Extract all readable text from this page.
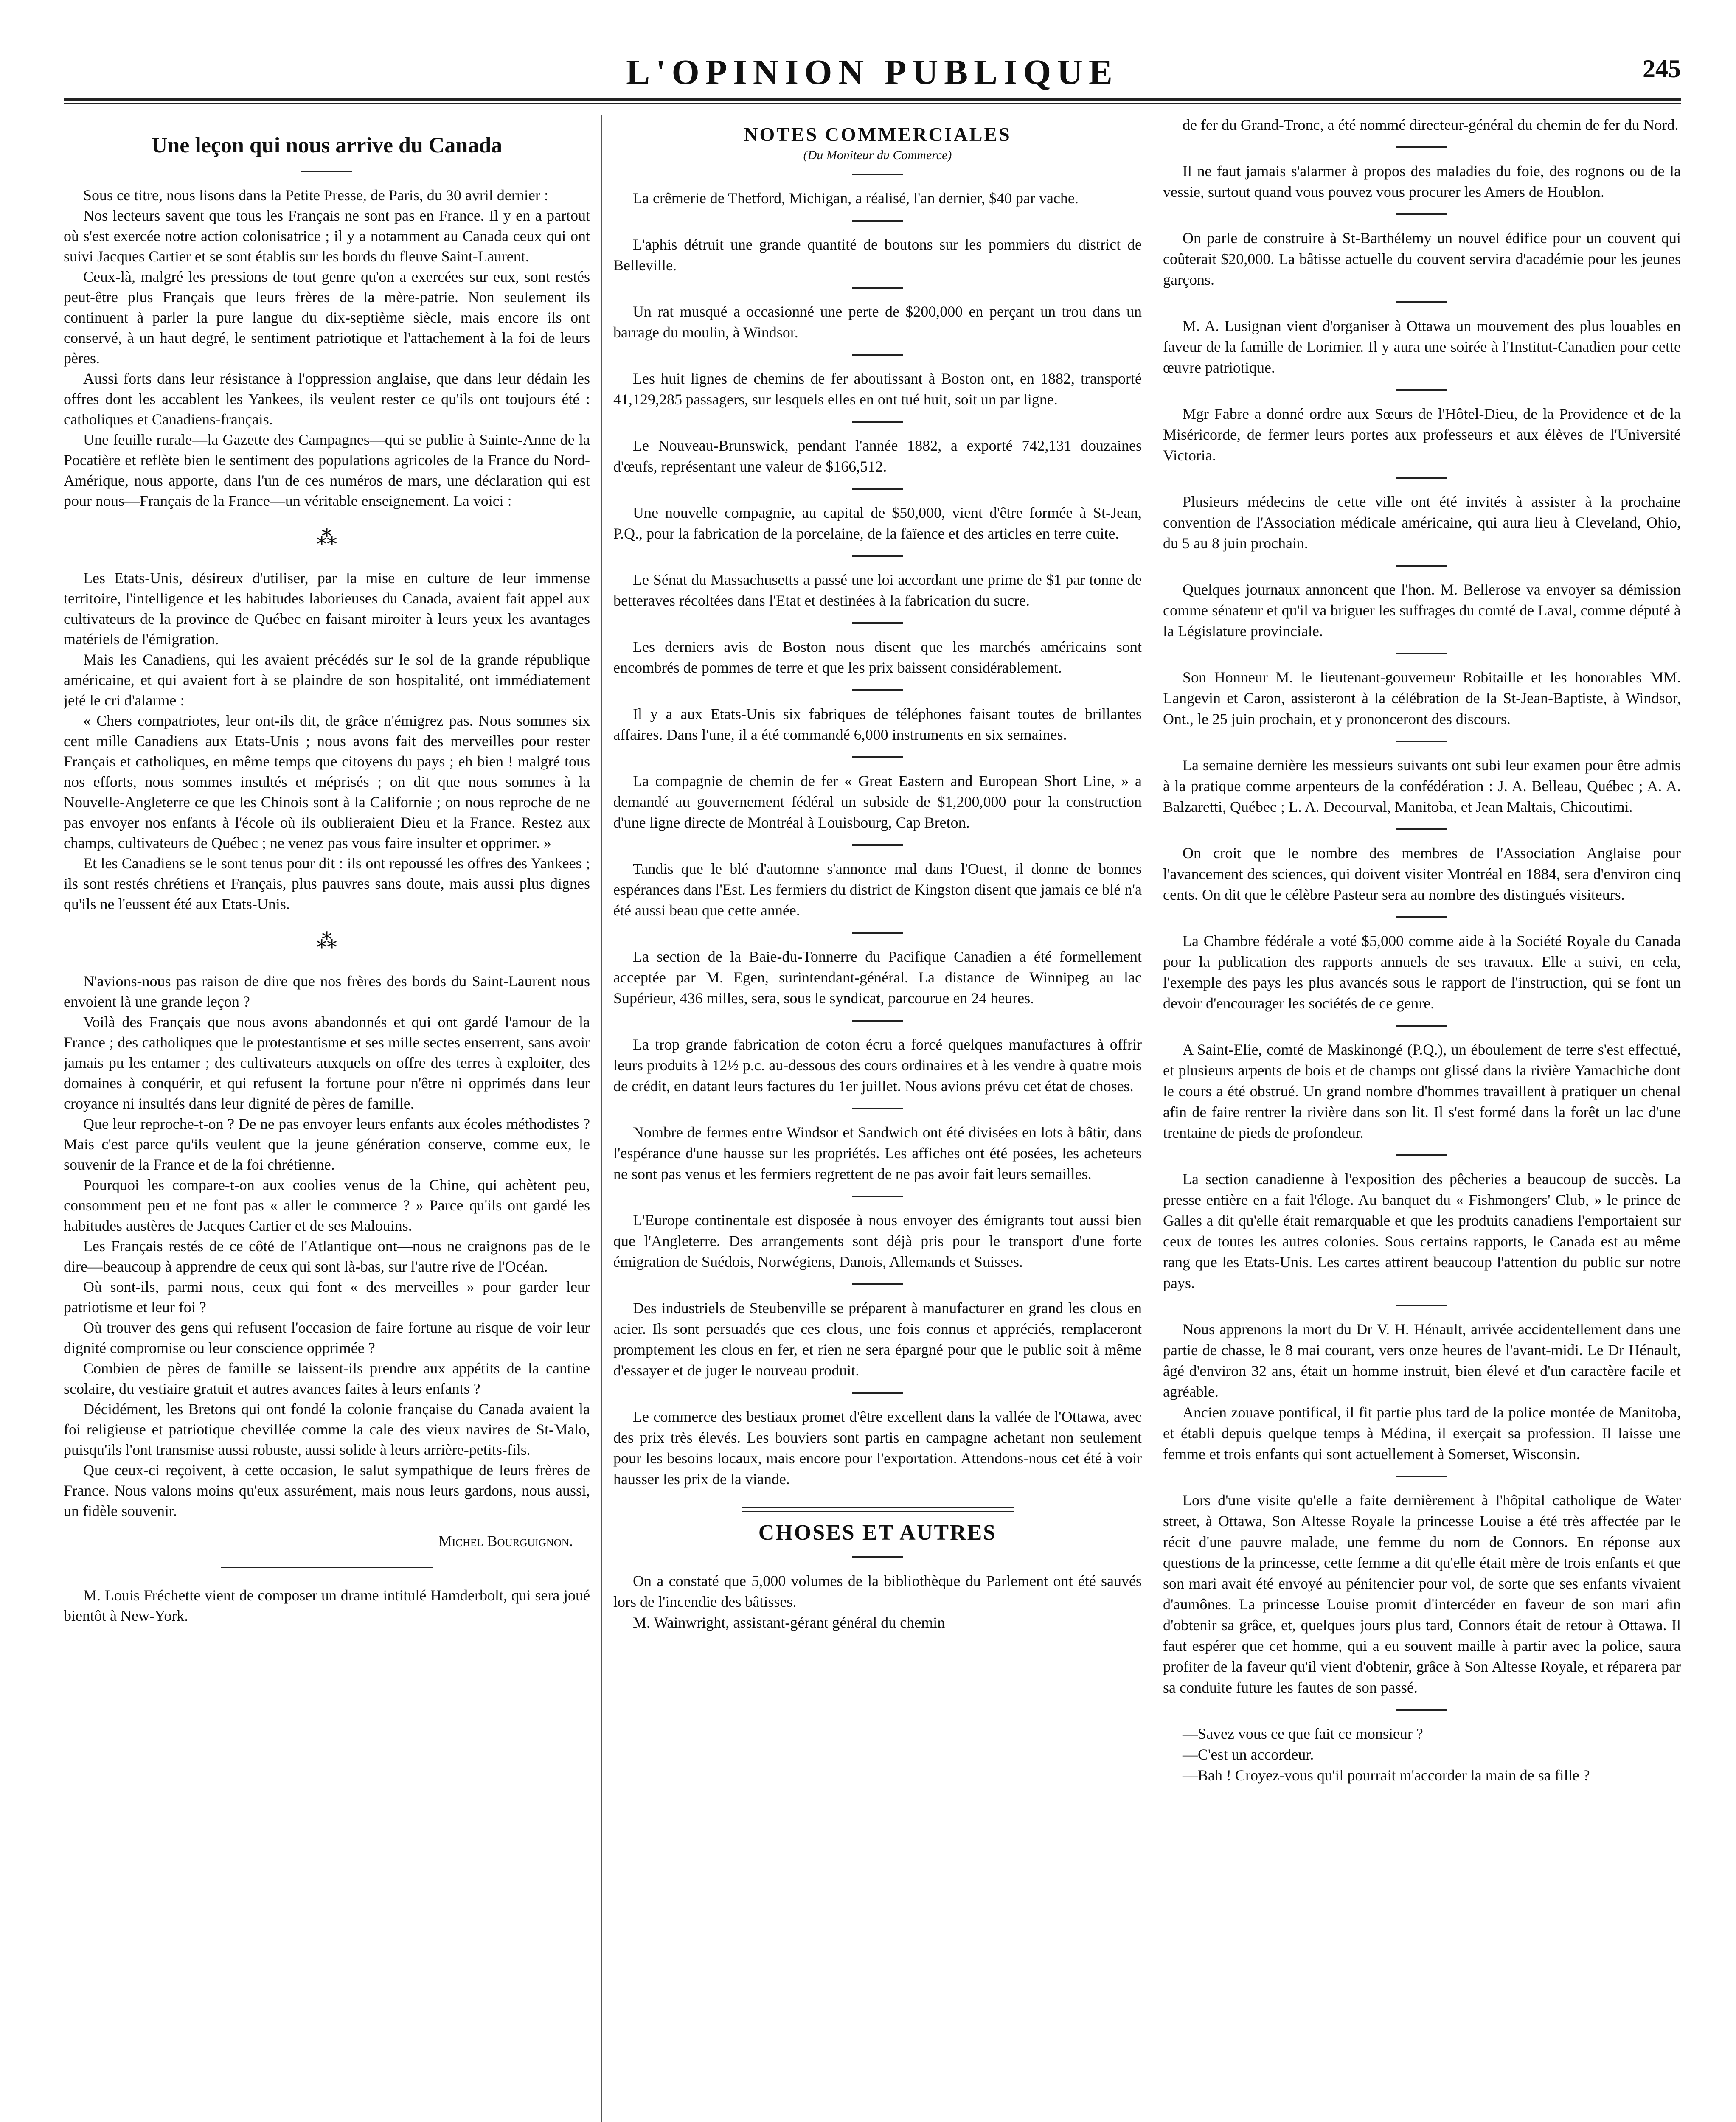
L'OPINION PUBLIQUE	245
Une leçon qui nous arrive du Canada

Sous ce titre, nous lisons dans la Petite Presse, de Paris, du 30 avril dernier :

Nos lecteurs savent que tous les Français ne sont pas en France. Il y en a partout où s'est exercée notre action colonisatrice ; il y a notamment au Canada ceux qui ont suivi Jacques Cartier et se sont établis sur les bords du fleuve Saint-Laurent.

Ceux-là, malgré les pressions de tout genre qu'on a exercées sur eux, sont restés peut-être plus Français que leurs frères de la mère-patrie. Non seulement ils continuent à parler la pure langue du dix-septième siècle, mais encore ils ont conservé, à un haut degré, le sentiment patriotique et l'attachement à la foi de leurs pères.

Aussi forts dans leur résistance à l'oppression anglaise, que dans leur dédain les offres dont les accablent les Yankees, ils veulent rester ce qu'ils ont toujours été : catholiques et Canadiens-français.

Une feuille rurale—la Gazette des Campagnes—qui se publie à Sainte-Anne de la Pocatière et reflète bien le sentiment des populations agricoles de la France du Nord-Amérique, nous apporte, dans l'un de ces numéros de mars, une déclaration qui est pour nous—Français de la France—un véritable enseignement. La voici :

⁂

Les Etats-Unis, désireux d'utiliser, par la mise en culture de leur immense territoire, l'intelligence et les habitudes laborieuses du Canada, avaient fait appel aux cultivateurs de la province de Québec en faisant miroiter à leurs yeux les avantages matériels de l'émigration.

Mais les Canadiens, qui les avaient précédés sur le sol de la grande république américaine, et qui avaient fort à se plaindre de son hospitalité, ont immédiatement jeté le cri d'alarme :

« Chers compatriotes, leur ont-ils dit, de grâce n'émigrez pas. Nous sommes six cent mille Canadiens aux Etats-Unis ; nous avons fait des merveilles pour rester Français et catholiques, en même temps que citoyens du pays ; eh bien ! malgré tous nos efforts, nous sommes insultés et méprisés ; on dit que nous sommes à la Nouvelle-Angleterre ce que les Chinois sont à la Californie ; on nous reproche de ne pas envoyer nos enfants à l'école où ils oublieraient Dieu et la France. Restez aux champs, cultivateurs de Québec ; ne venez pas vous faire insulter et opprimer. »

Et les Canadiens se le sont tenus pour dit : ils ont repoussé les offres des Yankees ; ils sont restés chrétiens et Français, plus pauvres sans doute, mais aussi plus dignes qu'ils ne l'eussent été aux Etats-Unis.

⁂

N'avions-nous pas raison de dire que nos frères des bords du Saint-Laurent nous envoient là une grande leçon ?

Voilà des Français que nous avons abandonnés et qui ont gardé l'amour de la France ; des catholiques que le protestantisme et ses mille sectes enserrent, sans avoir jamais pu les entamer ; des cultivateurs auxquels on offre des terres à exploiter, des domaines à conquérir, et qui refusent la fortune pour n'être ni opprimés dans leur croyance ni insultés dans leur dignité de pères de famille.

Que leur reproche-t-on ? De ne pas envoyer leurs enfants aux écoles méthodistes ? Mais c'est parce qu'ils veulent que la jeune génération conserve, comme eux, le souvenir de la France et de la foi chrétienne.

Pourquoi les compare-t-on aux coolies venus de la Chine, qui achètent peu, consomment peu et ne font pas « aller le commerce ? » Parce qu'ils ont gardé les habitudes austères de Jacques Cartier et de ses Malouins.

Les Français restés de ce côté de l'Atlantique ont—nous ne craignons pas de le dire—beaucoup à apprendre de ceux qui sont là-bas, sur l'autre rive de l'Océan.

Où sont-ils, parmi nous, ceux qui font « des merveilles » pour garder leur patriotisme et leur foi ?

Où trouver des gens qui refusent l'occasion de faire fortune au risque de voir leur dignité compromise ou leur conscience opprimée ?

Combien de pères de famille se laissent-ils prendre aux appétits de la cantine scolaire, du vestiaire gratuit et autres avances faites à leurs enfants ?

Décidément, les Bretons qui ont fondé la colonie française du Canada avaient la foi religieuse et patriotique chevillée comme la cale des vieux navires de St-Malo, puisqu'ils l'ont transmise aussi robuste, aussi solide à leurs arrière-petits-fils.

Que ceux-ci reçoivent, à cette occasion, le salut sympathique de leurs frères de France. Nous valons moins qu'eux assurément, mais nous leurs gardons, nous aussi, un fidèle souvenir.

Michel Bourguignon.

M. Louis Fréchette vient de composer un drame intitulé Hamderbolt, qui sera joué bientôt à New-York.

NOTES COMMERCIALES
(Du Moniteur du Commerce)

La crêmerie de Thetford, Michigan, a réalisé, l'an dernier, $40 par vache.

L'aphis détruit une grande quantité de boutons sur les pommiers du district de Belleville.

Un rat musqué a occasionné une perte de $200,000 en perçant un trou dans un barrage du moulin, à Windsor.

Les huit lignes de chemins de fer aboutissant à Boston ont, en 1882, transporté 41,129,285 passagers, sur lesquels elles en ont tué huit, soit un par ligne.

Le Nouveau-Brunswick, pendant l'année 1882, a exporté 742,131 douzaines d'œufs, représentant une valeur de $166,512.

Une nouvelle compagnie, au capital de $50,000, vient d'être formée à St-Jean, P.Q., pour la fabrication de la porcelaine, de la faïence et des articles en terre cuite.

Le Sénat du Massachusetts a passé une loi accordant une prime de $1 par tonne de betteraves récoltées dans l'Etat et destinées à la fabrication du sucre.

Les derniers avis de Boston nous disent que les marchés américains sont encombrés de pommes de terre et que les prix baissent considérablement.

Il y a aux Etats-Unis six fabriques de téléphones faisant toutes de brillantes affaires. Dans l'une, il a été commandé 6,000 instruments en six semaines.

La compagnie de chemin de fer « Great Eastern and European Short Line, » a demandé au gouvernement fédéral un subside de $1,200,000 pour la construction d'une ligne directe de Montréal à Louisbourg, Cap Breton.

Tandis que le blé d'automne s'annonce mal dans l'Ouest, il donne de bonnes espérances dans l'Est. Les fermiers du district de Kingston disent que jamais ce blé n'a été aussi beau que cette année.

La section de la Baie-du-Tonnerre du Pacifique Canadien a été formellement acceptée par M. Egen, surintendant-général. La distance de Winnipeg au lac Supérieur, 436 milles, sera, sous le syndicat, parcourue en 24 heures.

La trop grande fabrication de coton écru a forcé quelques manufactures à offrir leurs produits à 12½ p.c. au-dessous des cours ordinaires et à les vendre à quatre mois de crédit, en datant leurs factures du 1er juillet. Nous avions prévu cet état de choses.

Nombre de fermes entre Windsor et Sandwich ont été divisées en lots à bâtir, dans l'espérance d'une hausse sur les propriétés. Les affiches ont été posées, les acheteurs ne sont pas venus et les fermiers regrettent de ne pas avoir fait leurs semailles.

L'Europe continentale est disposée à nous envoyer des émigrants tout aussi bien que l'Angleterre. Des arrangements sont déjà pris pour le transport d'une forte émigration de Suédois, Norwégiens, Danois, Allemands et Suisses.

Des industriels de Steubenville se préparent à manufacturer en grand les clous en acier. Ils sont persuadés que ces clous, une fois connus et appréciés, remplaceront promptement les clous en fer, et rien ne sera épargné pour que le public soit à même d'essayer et de juger le nouveau produit.

Le commerce des bestiaux promet d'être excellent dans la vallée de l'Ottawa, avec des prix très élevés. Les bouviers sont partis en campagne achetant non seulement pour les besoins locaux, mais encore pour l'exportation. Attendons-nous cet été à voir hausser les prix de la viande.

CHOSES ET AUTRES

On a constaté que 5,000 volumes de la bibliothèque du Parlement ont été sauvés lors de l'incendie des bâtisses.

M. Wainwright, assistant-gérant général du chemin

de fer du Grand-Tronc, a été nommé directeur-général du chemin de fer du Nord.

Il ne faut jamais s'alarmer à propos des maladies du foie, des rognons ou de la vessie, surtout quand vous pouvez vous procurer les Amers de Houblon.

On parle de construire à St-Barthélemy un nouvel édifice pour un couvent qui coûterait $20,000. La bâtisse actuelle du couvent servira d'académie pour les jeunes garçons.

M. A. Lusignan vient d'organiser à Ottawa un mouvement des plus louables en faveur de la famille de Lorimier. Il y aura une soirée à l'Institut-Canadien pour cette œuvre patriotique.

Mgr Fabre a donné ordre aux Sœurs de l'Hôtel-Dieu, de la Providence et de la Miséricorde, de fermer leurs portes aux professeurs et aux élèves de l'Université Victoria.

Plusieurs médecins de cette ville ont été invités à assister à la prochaine convention de l'Association médicale américaine, qui aura lieu à Cleveland, Ohio, du 5 au 8 juin prochain.

Quelques journaux annoncent que l'hon. M. Bellerose va envoyer sa démission comme sénateur et qu'il va briguer les suffrages du comté de Laval, comme député à la Législature provinciale.

Son Honneur M. le lieutenant-gouverneur Robitaille et les honorables MM. Langevin et Caron, assisteront à la célébration de la St-Jean-Baptiste, à Windsor, Ont., le 25 juin prochain, et y prononceront des discours.

La semaine dernière les messieurs suivants ont subi leur examen pour être admis à la pratique comme arpenteurs de la confédération : J. A. Belleau, Québec ; A. A. Balzaretti, Québec ; L. A. Decourval, Manitoba, et Jean Maltais, Chicoutimi.

On croit que le nombre des membres de l'Association Anglaise pour l'avancement des sciences, qui doivent visiter Montréal en 1884, sera d'environ cinq cents. On dit que le célèbre Pasteur sera au nombre des distingués visiteurs.

La Chambre fédérale a voté $5,000 comme aide à la Société Royale du Canada pour la publication des rapports annuels de ses travaux. Elle a suivi, en cela, l'exemple des pays les plus avancés sous le rapport de l'instruction, qui se font un devoir d'encourager les sociétés de ce genre.

A Saint-Elie, comté de Maskinongé (P.Q.), un éboulement de terre s'est effectué, et plusieurs arpents de bois et de champs ont glissé dans la rivière Yamachiche dont le cours a été obstrué. Un grand nombre d'hommes travaillent à pratiquer un chenal afin de faire rentrer la rivière dans son lit. Il s'est formé dans la forêt un lac d'une trentaine de pieds de profondeur.

La section canadienne à l'exposition des pêcheries a beaucoup de succès. La presse entière en a fait l'éloge. Au banquet du « Fishmongers' Club, » le prince de Galles a dit qu'elle était remarquable et que les produits canadiens l'emportaient sur ceux de toutes les autres colonies. Sous certains rapports, le Canada est au même rang que les Etats-Unis. Les cartes attirent beaucoup l'attention du public sur notre pays.

Nous apprenons la mort du Dr V. H. Hénault, arrivée accidentellement dans une partie de chasse, le 8 mai courant, vers onze heures de l'avant-midi. Le Dr Hénault, âgé d'environ 32 ans, était un homme instruit, bien élevé et d'un caractère facile et agréable.

Ancien zouave pontifical, il fit partie plus tard de la police montée de Manitoba, et établi depuis quelque temps à Médina, il exerçait sa profession. Il laisse une femme et trois enfants qui sont actuellement à Somerset, Wisconsin.

Lors d'une visite qu'elle a faite dernièrement à l'hôpital catholique de Water street, à Ottawa, Son Altesse Royale la princesse Louise a été très affectée par le récit d'une pauvre malade, une femme du nom de Connors. En réponse aux questions de la princesse, cette femme a dit qu'elle était mère de trois enfants et que son mari avait été envoyé au pénitencier pour vol, de sorte que ses enfants vivaient d'aumônes. La princesse Louise promit d'intercéder en faveur de son mari afin d'obtenir sa grâce, et, quelques jours plus tard, Connors était de retour à Ottawa. Il faut espérer que cet homme, qui a eu souvent maille à partir avec la police, saura profiter de la faveur qu'il vient d'obtenir, grâce à Son Altesse Royale, et réparera par sa conduite future les fautes de son passé.

—Savez vous ce que fait ce monsieur ?

—C'est un accordeur.

—Bah ! Croyez-vous qu'il pourrait m'accorder la main de sa fille ?
